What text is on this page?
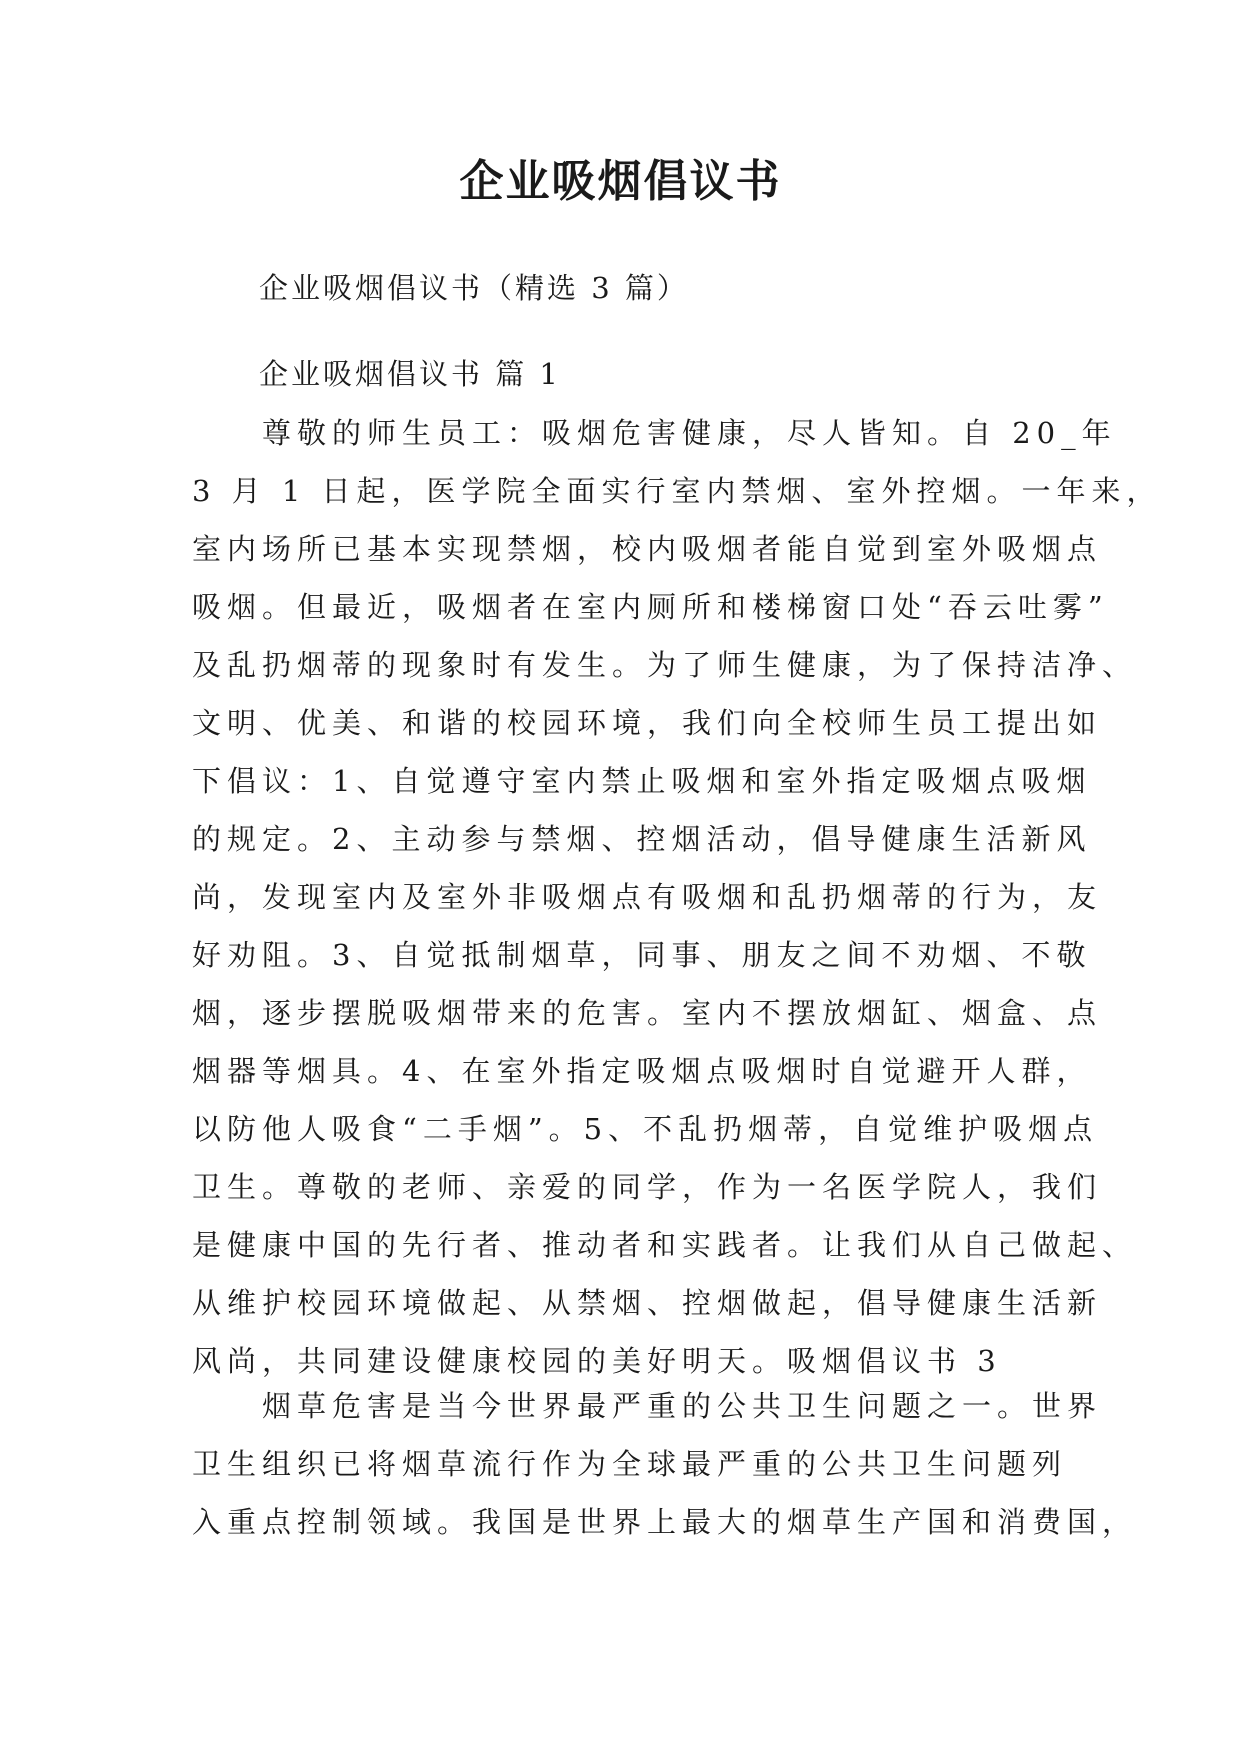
企业吸烟倡议书
企业吸烟倡议书（精选 3 篇）
企业吸烟倡议书 篇 1
　　尊敬的师生员工：吸烟危害健康，尽人皆知。自 20_年
3 月 1 日起，医学院全面实行室内禁烟、室外控烟。一年来，
室内场所已基本实现禁烟，校内吸烟者能自觉到室外吸烟点
吸烟。但最近，吸烟者在室内厕所和楼梯窗口处“吞云吐雾”
及乱扔烟蒂的现象时有发生。为了师生健康，为了保持洁净、
文明、优美、和谐的校园环境，我们向全校师生员工提出如
下倡议：1、自觉遵守室内禁止吸烟和室外指定吸烟点吸烟
的规定。2、主动参与禁烟、控烟活动，倡导健康生活新风
尚，发现室内及室外非吸烟点有吸烟和乱扔烟蒂的行为，友
好劝阻。3、自觉抵制烟草，同事、朋友之间不劝烟、不敬
烟，逐步摆脱吸烟带来的危害。室内不摆放烟缸、烟盒、点
烟器等烟具。4、在室外指定吸烟点吸烟时自觉避开人群，
以防他人吸食“二手烟”。5、不乱扔烟蒂，自觉维护吸烟点
卫生。尊敬的老师、亲爱的同学，作为一名医学院人，我们
是健康中国的先行者、推动者和实践者。让我们从自己做起、
从维护校园环境做起、从禁烟、控烟做起，倡导健康生活新
风尚，共同建设健康校园的美好明天。吸烟倡议书 3
　　烟草危害是当今世界最严重的公共卫生问题之一。世界
卫生组织已将烟草流行作为全球最严重的公共卫生问题列
入重点控制领域。我国是世界上最大的烟草生产国和消费国，
